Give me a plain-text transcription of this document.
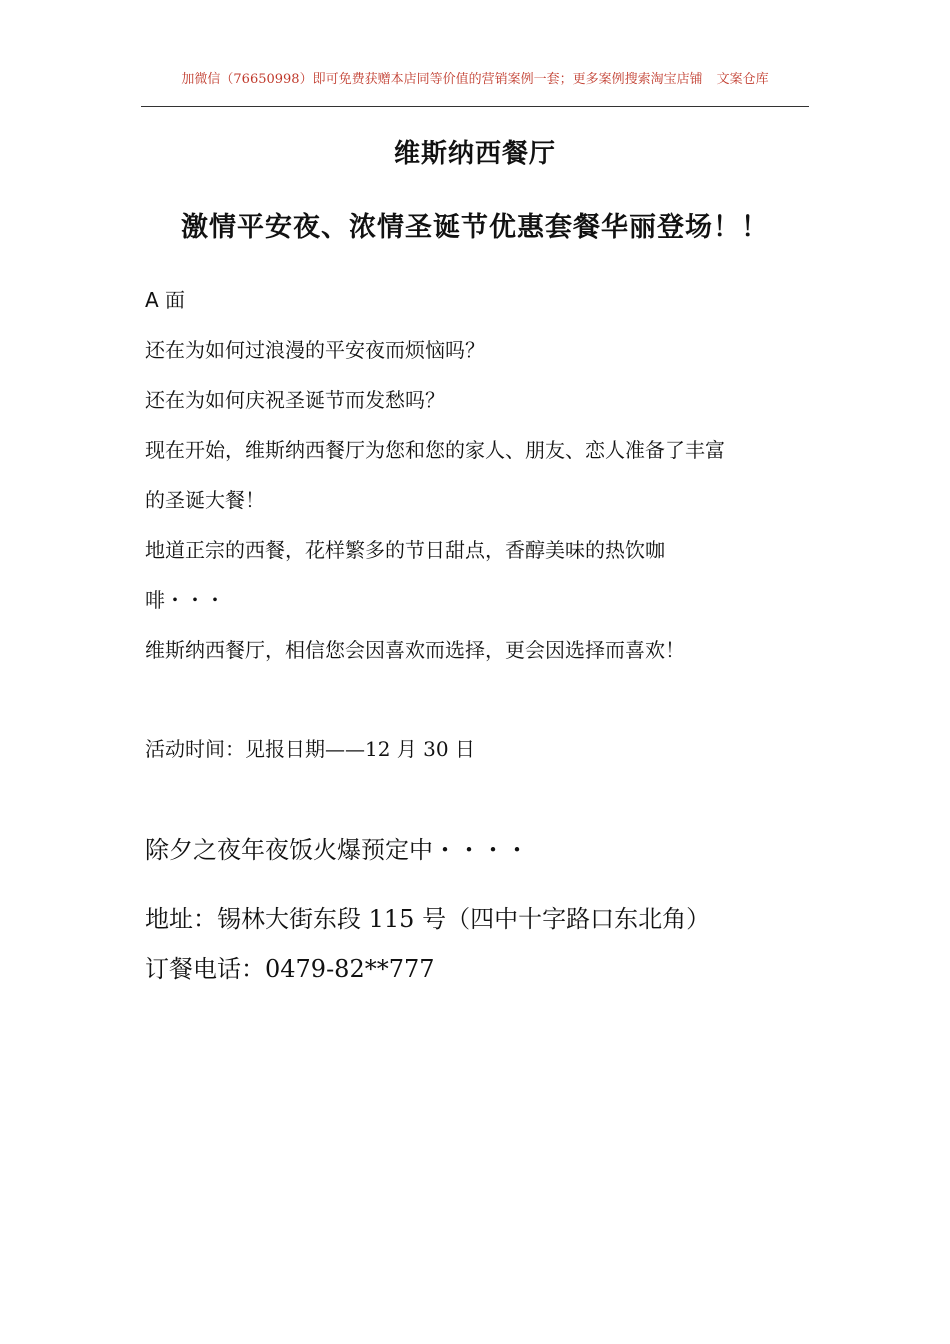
加微信（76650998）即可免费获赠本店同等价值的营销案例一套；更多案例搜索淘宝店铺 文案仓库
维斯纳西餐厅
激情平安夜、浓情圣诞节优惠套餐华丽登场！！
A 面
还在为如何过浪漫的平安夜而烦恼吗？
还在为如何庆祝圣诞节而发愁吗？
现在开始，维斯纳西餐厅为您和您的家人、朋友、恋人准备了丰富
的圣诞大餐！
地道正宗的西餐，花样繁多的节日甜点，香醇美味的热饮咖
啡・・・
维斯纳西餐厅，相信您会因喜欢而选择，更会因选择而喜欢！
活动时间：见报日期——12 月 30 日
除夕之夜年夜饭火爆预定中・・・・
地址：锡林大街东段 115 号（四中十字路口东北角）
订餐电话：0479-82**777
